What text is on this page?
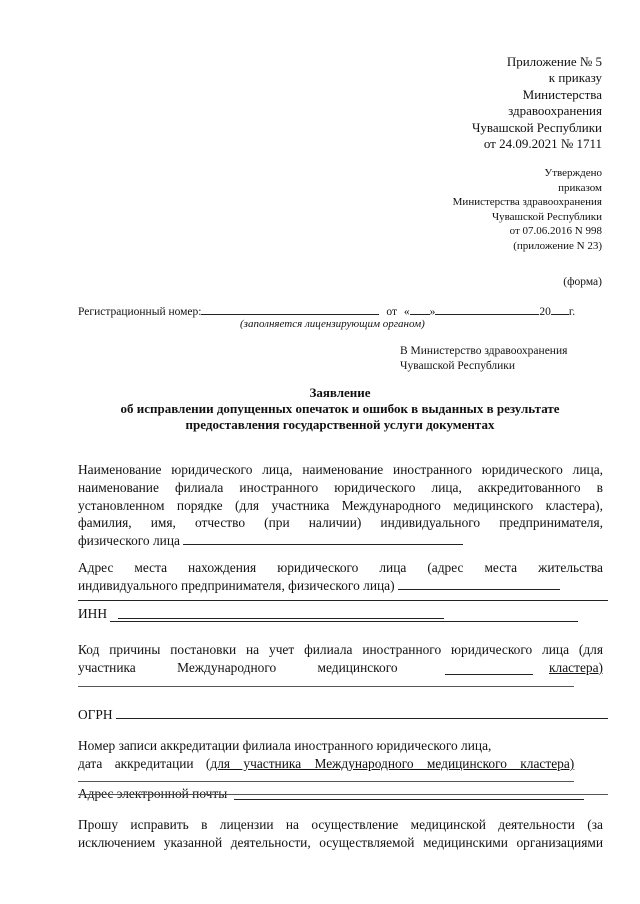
Приложение № 5
к приказу
Министерства
здравоохранения
Чувашской Республики
от 24.09.2021 № 1711
Утверждено
приказом
Министерства здравоохранения
Чувашской Республики
от 07.06.2016 N 998
(приложение N 23)
(форма)
Регистрационный номер:	от « »	20 г.
(заполняется лицензирующим органом)
В Министерство здравоохранения
Чувашской Республики
Заявление
об исправлении допущенных опечаток и ошибок в выданных в результате
предоставления государственной услуги документах
Наименование юридического лица, наименование иностранного юридического лица,
наименование филиала иностранного юридического лица, аккредитованного в
установленном порядке (для участника Международного медицинского кластера),
фамилия, имя, отчество (при наличии) индивидуального предпринимателя,
физического лица
Адрес места нахождения юридического лица (адрес места жительства
индивидуального предпринимателя, физического лица)
ИНН
Код причины постановки на учет филиала иностранного юридического лица (для
участника Международного медицинского	кластера)
ОГРН
Номер записи аккредитации филиала иностранного юридического лица,
дата аккредитации (для участника Международного медицинского кластера)
Адрес электронной почты
Прошу исправить в лицензии на осуществление медицинской деятельности (за
исключением указанной деятельности, осуществляемой медицинскими организациями
